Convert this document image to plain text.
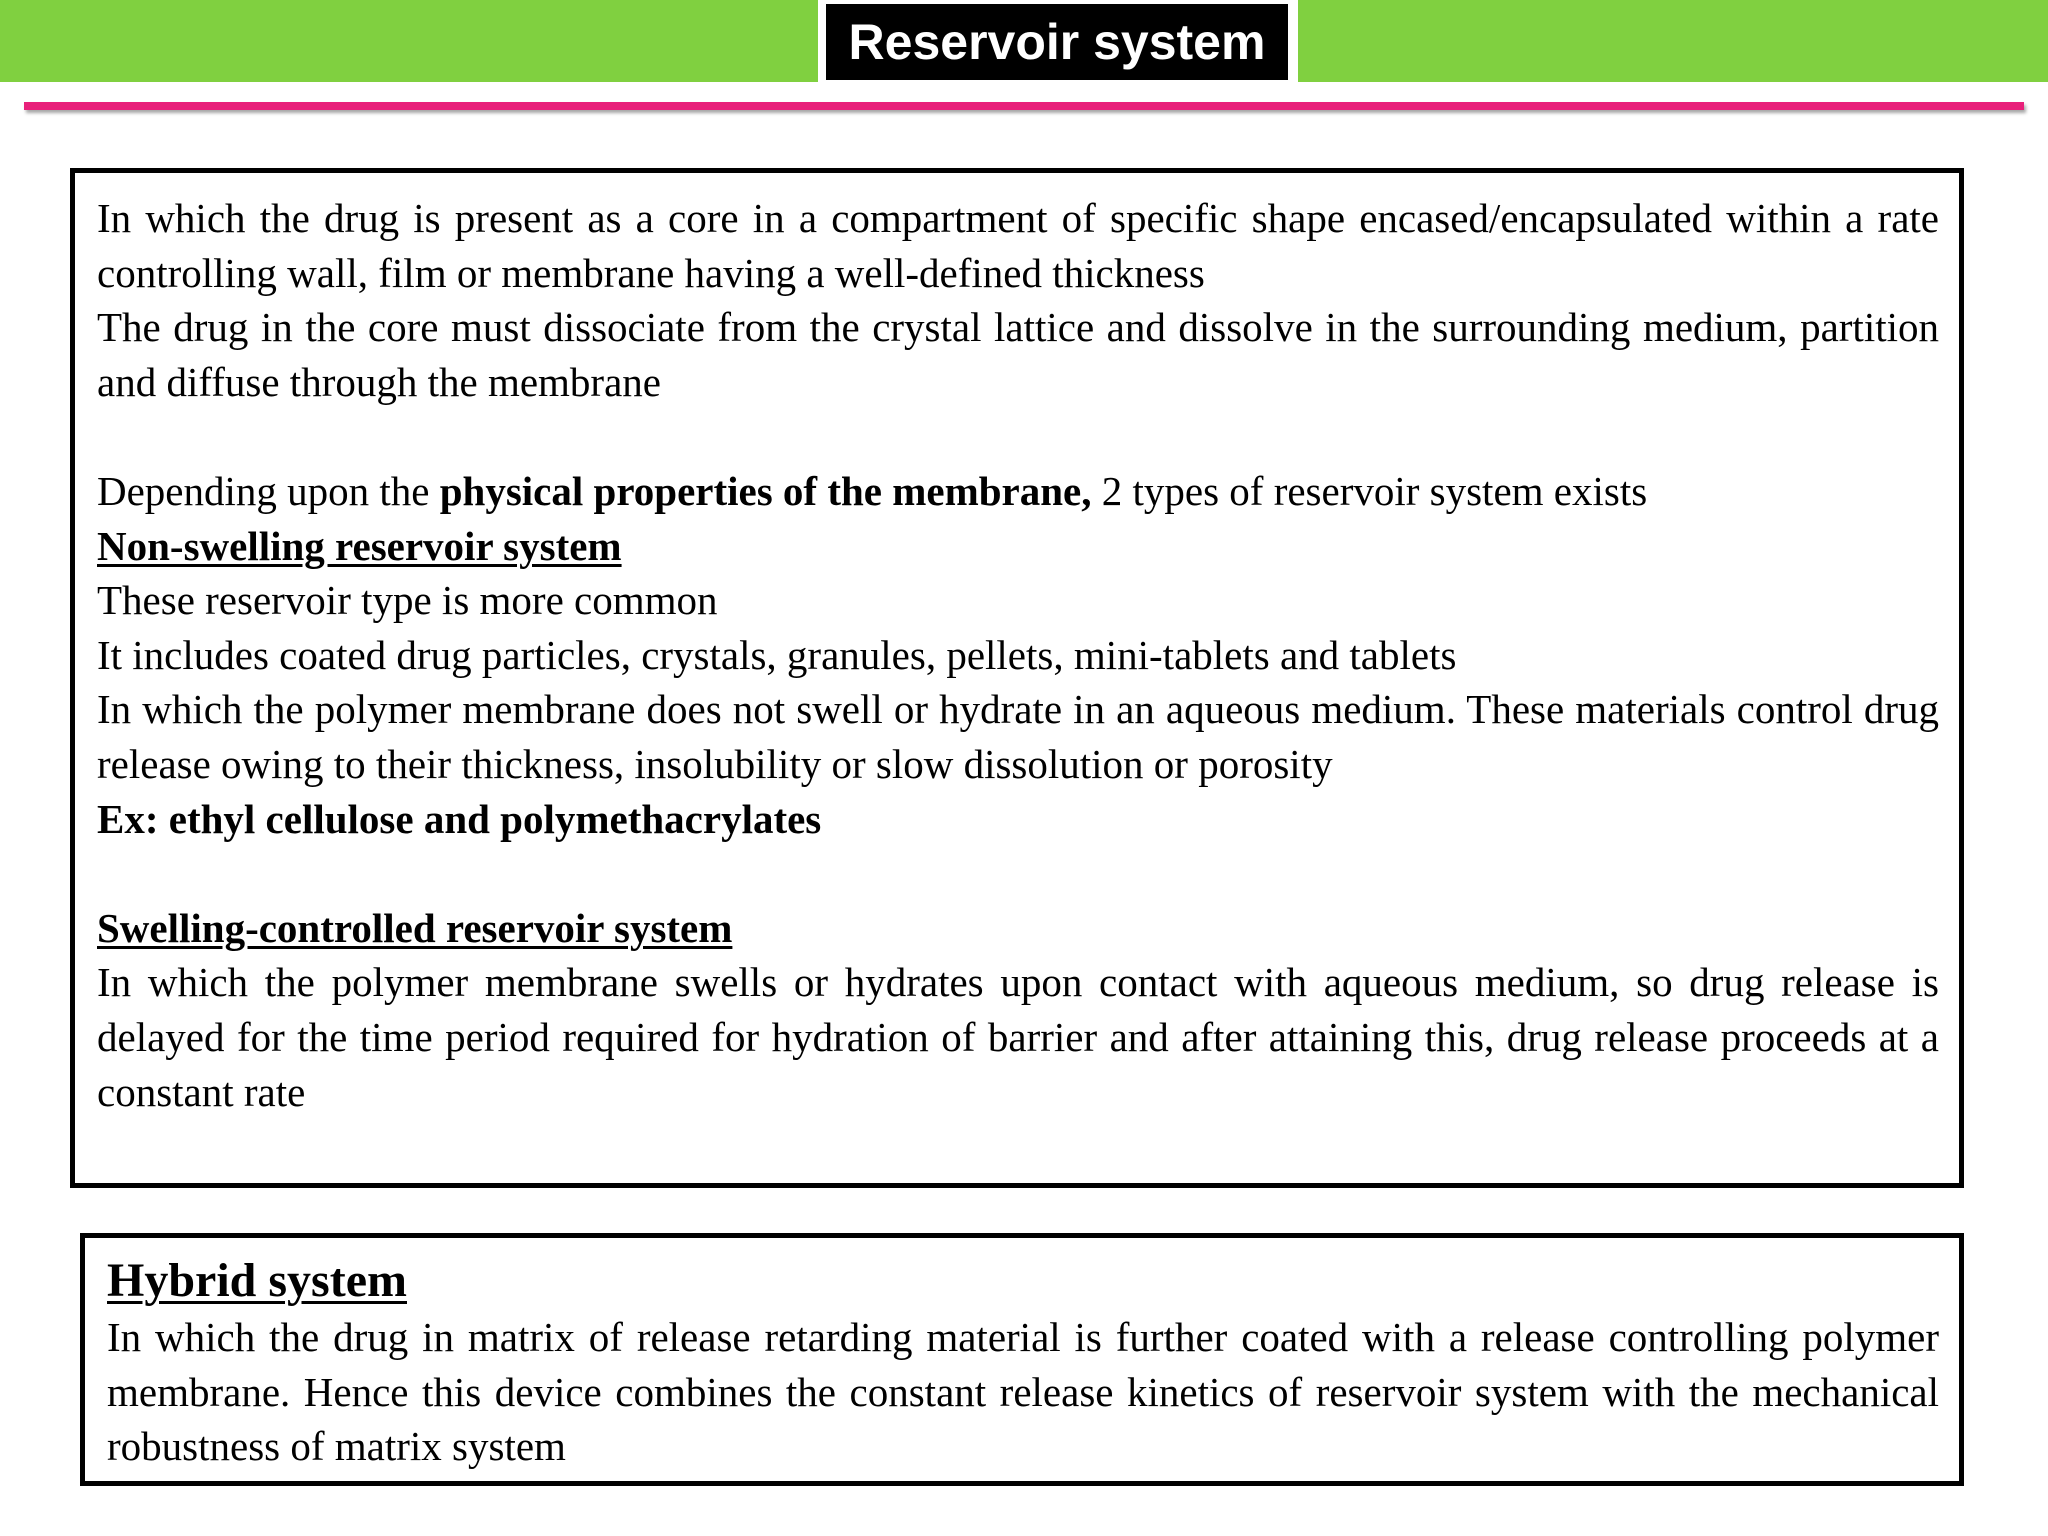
Reservoir system

In which the drug is present as a core in a compartment of specific shape encased/encapsulated within a rate controlling wall, film or membrane having a well-defined thickness

The drug in the core must dissociate from the crystal lattice and dissolve in the surrounding medium, partition and diffuse through the membrane

Depending upon the physical properties of the membrane, 2 types of reservoir system exists

Non-swelling reservoir system

These reservoir type is more common

It includes coated drug particles, crystals, granules, pellets, mini-tablets and tablets

In which the polymer membrane does not swell or hydrate in an aqueous medium. These materials control drug release owing to their thickness, insolubility or slow dissolution or porosity

Ex: ethyl cellulose and polymethacrylates

Swelling-controlled reservoir system

In which the polymer membrane swells or hydrates upon contact with aqueous medium, so drug release is delayed for the time period required for hydration of barrier and after attaining this, drug release proceeds at a constant rate

Hybrid system

In which the drug in matrix of release retarding material is further coated with a release controlling polymer membrane. Hence this device combines the constant release kinetics of reservoir system with the mechanical robustness of matrix system
